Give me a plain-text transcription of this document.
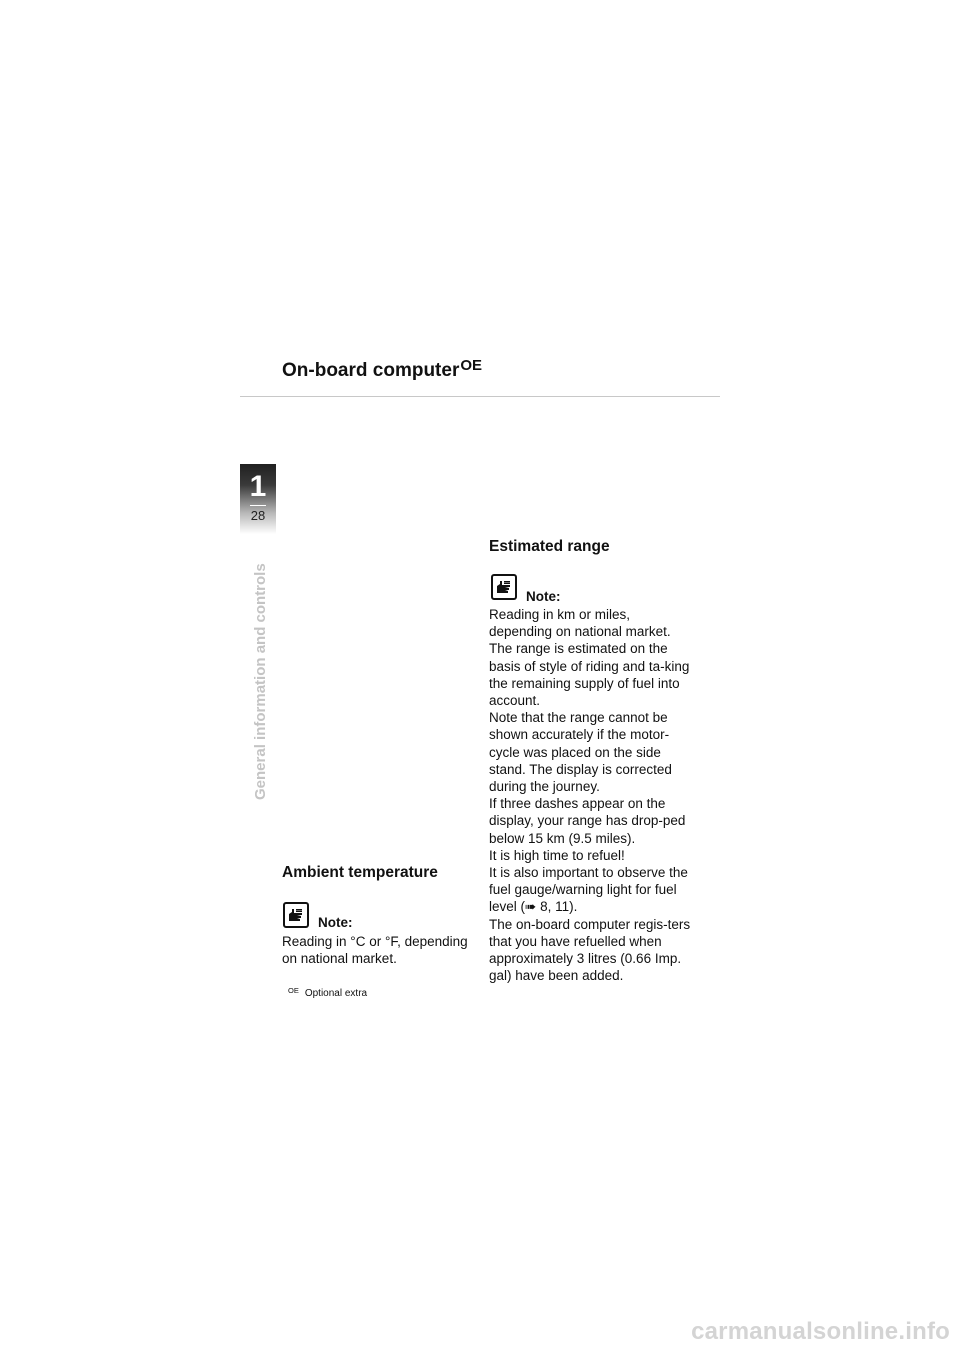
On-board computer$^{OE}$
1
28
General information and controls
Ambient temperature
Note:

Reading in °C or °F, depending on national market.

$^{OE}$ Optional extra
Estimated range
Note:

Reading in km or miles, depending on national market.

The range is estimated on the basis of style of riding and ta-king the remaining supply of fuel into account.

Note that the range cannot be shown accurately if the motor-cycle was placed on the side stand. The display is corrected during the journey.

If three dashes appear on the display, your range has drop-ped below 15 km (9.5 miles).

It is high time to refuel!

It is also important to observe the fuel gauge/warning light for fuel level (➠ 8, 11).

The on-board computer regis-ters that you have refuelled when approximately 3 litres (0.66 Imp. gal) have been added.

carmanualsonline.info
